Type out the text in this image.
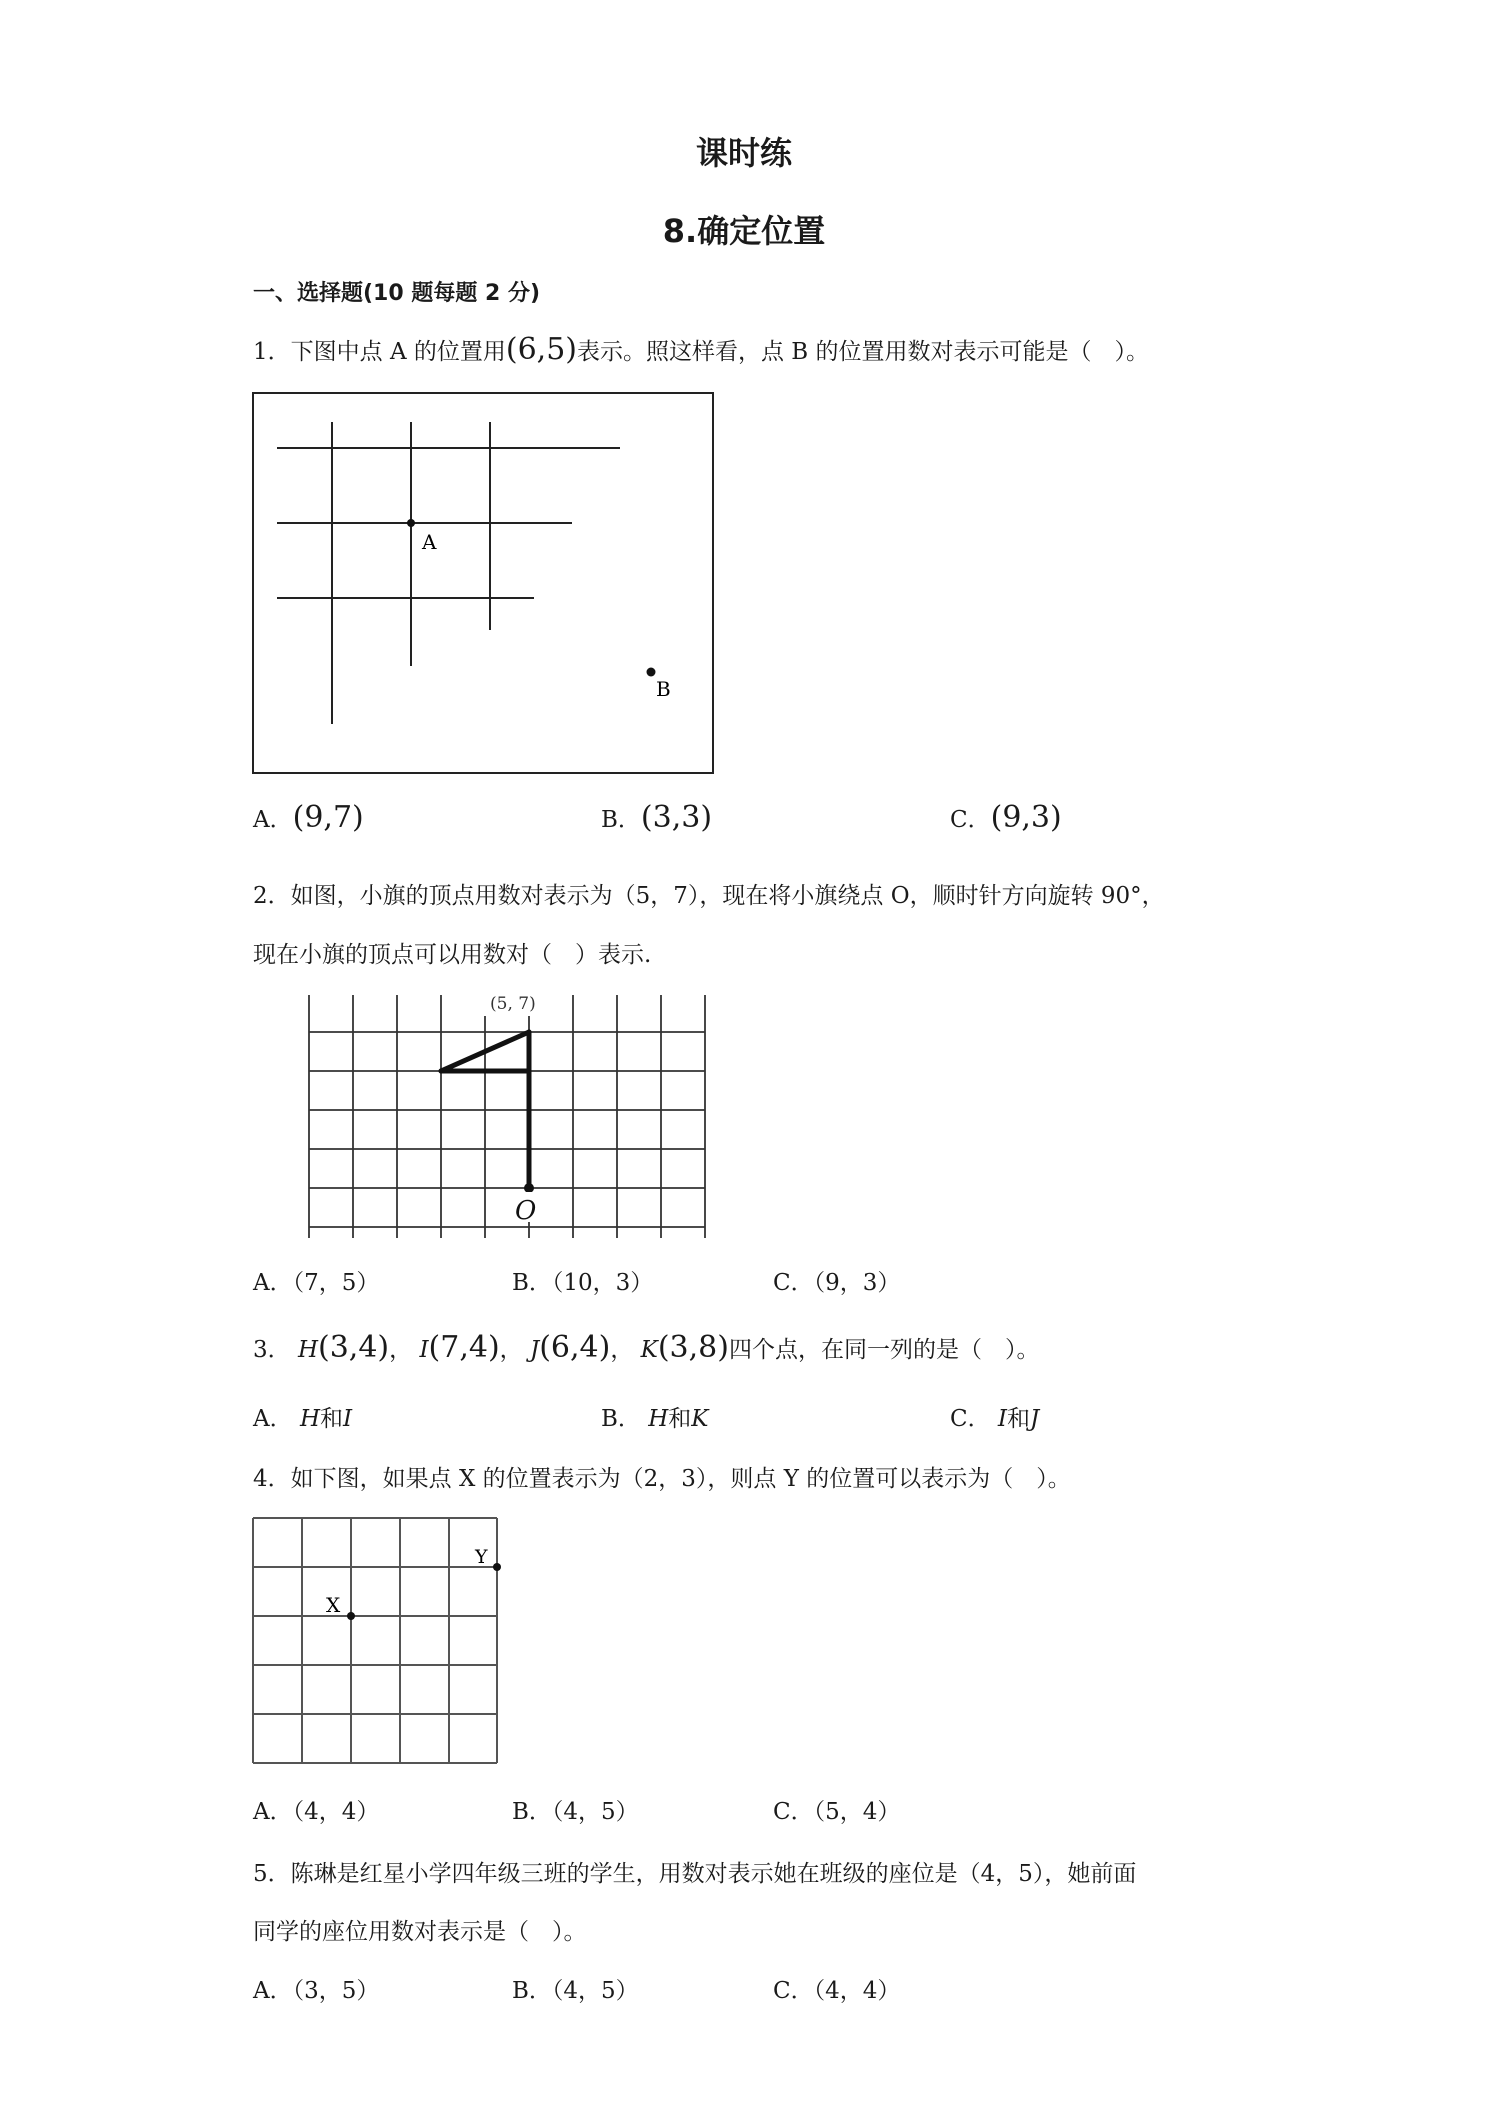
课时练
8.确定位置
一、选择题(10 题每题 2 分)
1．下图中点 A 的位置用(6,5)表示。照这样看，点 B 的位置用数对表示可能是（　）。
A
B
A．(9,7)	B．(3,3)	C．(9,3)
2．如图，小旗的顶点用数对表示为（5，7），现在将小旗绕点 O，顺时针方向旋转 90°，
现在小旗的顶点可以用数对（　）表示.
(5, 7)
O
A．（7，5）	B．（10，3）	C．（9，3）
3． H(3,4)， I(7,4)， J(6,4)， K(3,8)四个点，在同一列的是（　）。
A． H和I	B． H和K	C． I和J
4．如下图，如果点 X 的位置表示为（2，3），则点 Y 的位置可以表示为（　）。
X
Y
A．（4，4）	B．（4，5）	C．（5，4）
5．陈琳是红星小学四年级三班的学生，用数对表示她在班级的座位是（4，5），她前面
同学的座位用数对表示是（　）。
A．（3，5）	B．（4，5）	C．（4，4）
